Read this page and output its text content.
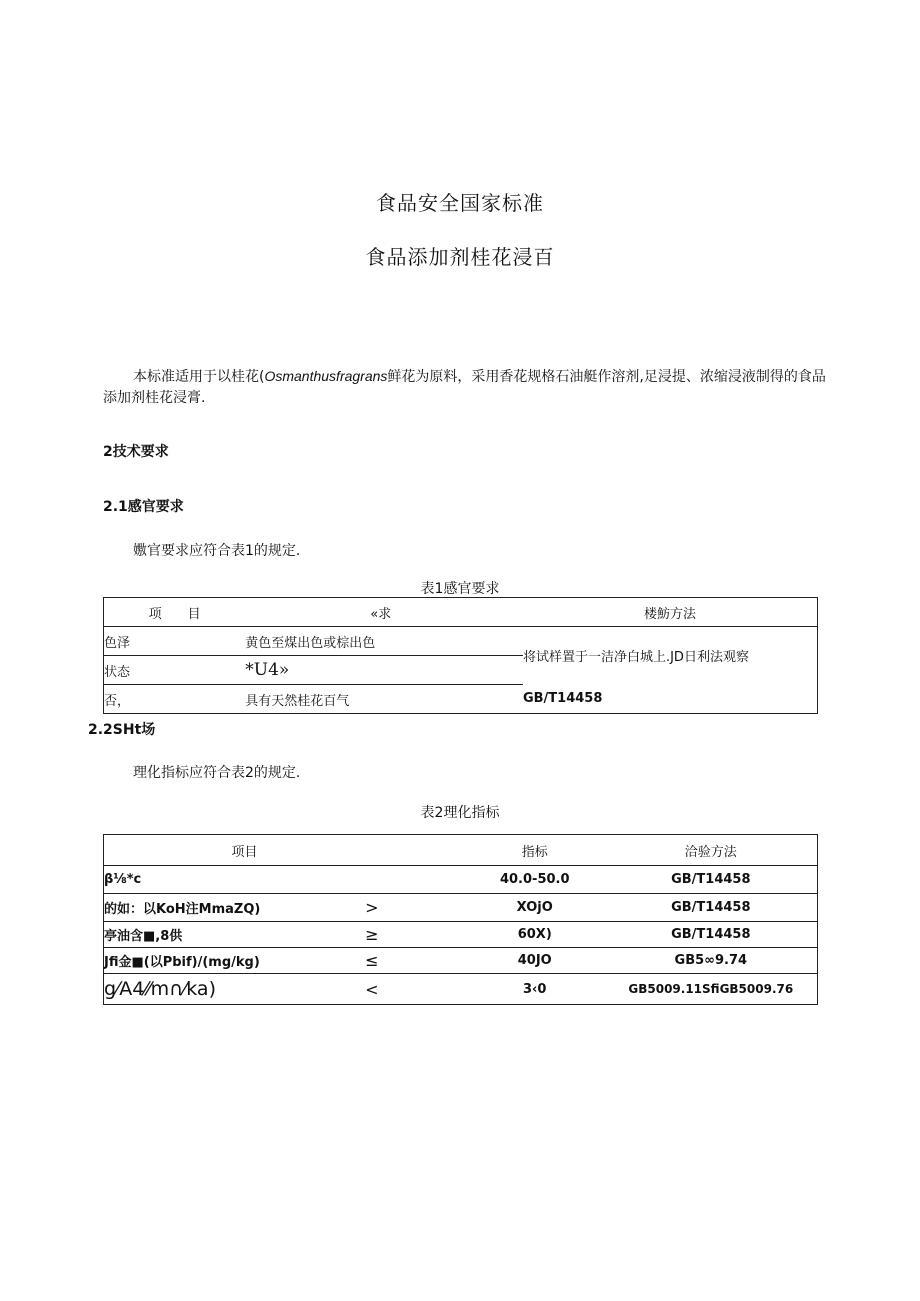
食品安全国家标准
食品添加剂桂花浸百
本标准适用于以桂花(Osmanthusfragrans鲜花为原料，采用香花规格石油艇作溶剂,足浸提、浓缩浸液制得的食品添加剂桂花浸膏.
2技术要求
2.1感官要求
嫐官要求应符合表1的规定.
表1感官要求
项　　目	«求	楼魴方法
色泽	黄色至煤出色或棕出色	将试样置于一洁净白城上.JD日利法观察
状态	*U4»	
否，	具有天然桂花百气	GB/T14458
2.2SHt场
理化指标应符合表2的规定.
表2理化指标
项目		指标	洽验方法
β⅛*c		40.0-50.0	GB/T14458
的如：以KoH注MmaZQ)	>	XOjO	GB/T14458
亭油含■,8供	≥	60X)	GB/T14458
Jfi金■(以Pbif)/(mg/kg)	≤	40JO	GB5∞9.74
g⁄A4⁄⁄m∩⁄ka)	<	3‹0	GB5009.11SfiGB5009.76
